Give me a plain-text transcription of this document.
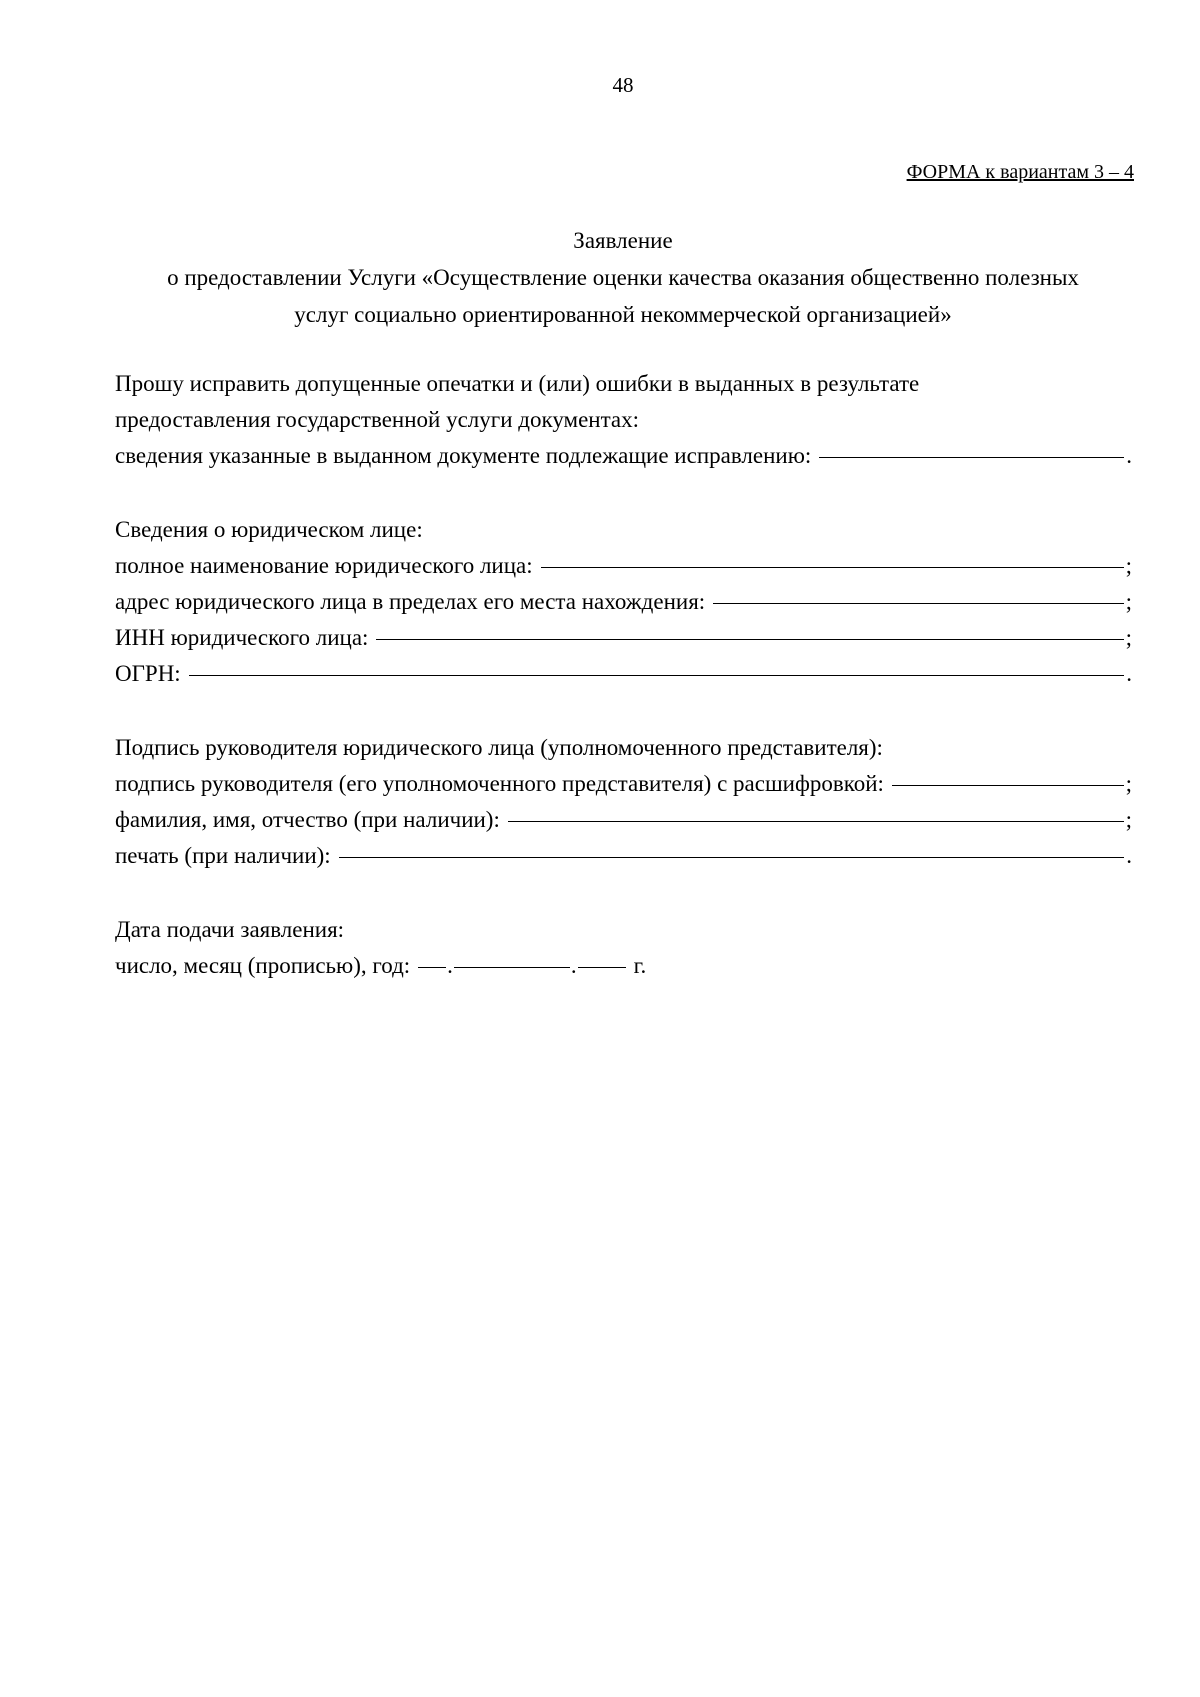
48
ФОРМА к вариантам 3 – 4
Заявление
о предоставлении Услуги «Осуществление оценки качества оказания общественно полезных
услуг социально ориентированной некоммерческой организацией»
Прошу исправить допущенные опечатки и (или) ошибки в выданных в результате
предоставления государственной услуги документах:
сведения указанные в выданном документе подлежащие исправлению:	.
Сведения о юридическом лице:
полное наименование юридического лица:	;
адрес юридического лица в пределах его места нахождения:	;
ИНН юридического лица:	;
ОГРН:	.
Подпись руководителя юридического лица (уполномоченного представителя):
подпись руководителя (его уполномоченного представителя) с расшифровкой:	;
фамилия, имя, отчество (при наличии):	;
печать (при наличии):	.
Дата подачи заявления:
число, месяц (прописью), год: .	. г.
